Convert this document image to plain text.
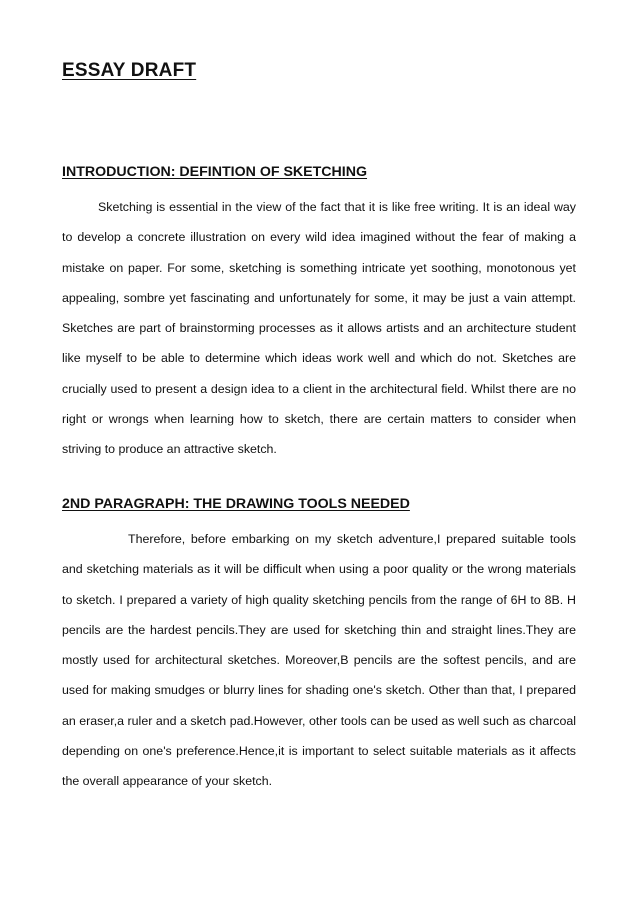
ESSAY DRAFT
INTRODUCTION: DEFINTION OF SKETCHING

Sketching is essential in the view of the fact that it is like free writing. It is an ideal way to develop a concrete illustration on every wild idea imagined without the fear of making a mistake on paper. For some, sketching is something intricate yet soothing, monotonous yet appealing, sombre yet fascinating and unfortunately for some, it may be just a vain attempt. Sketches are part of brainstorming processes as it allows artists and an architecture student like myself to be able to determine which ideas work well and which do not. Sketches are crucially used to present a design idea to a client in the architectural field. Whilst there are no right or wrongs when learning how to sketch, there are certain matters to consider when striving to produce an attractive sketch.

2ND PARAGRAPH: THE DRAWING TOOLS NEEDED

Therefore, before embarking on my sketch adventure,I prepared suitable tools and sketching materials as it will be difficult when using a poor quality or the wrong materials to sketch. I prepared a variety of high quality sketching pencils from the range of 6H to 8B. H pencils are the hardest pencils.They are used for sketching thin and straight lines.They are mostly used for architectural sketches. Moreover,B pencils are the softest pencils, and are used for making smudges or blurry lines for shading one's sketch. Other than that, I prepared an eraser,a ruler and a sketch pad.However, other tools can be used as well such as charcoal depending on one's preference.Hence,it is important to select suitable materials as it affects the overall appearance of your sketch.
